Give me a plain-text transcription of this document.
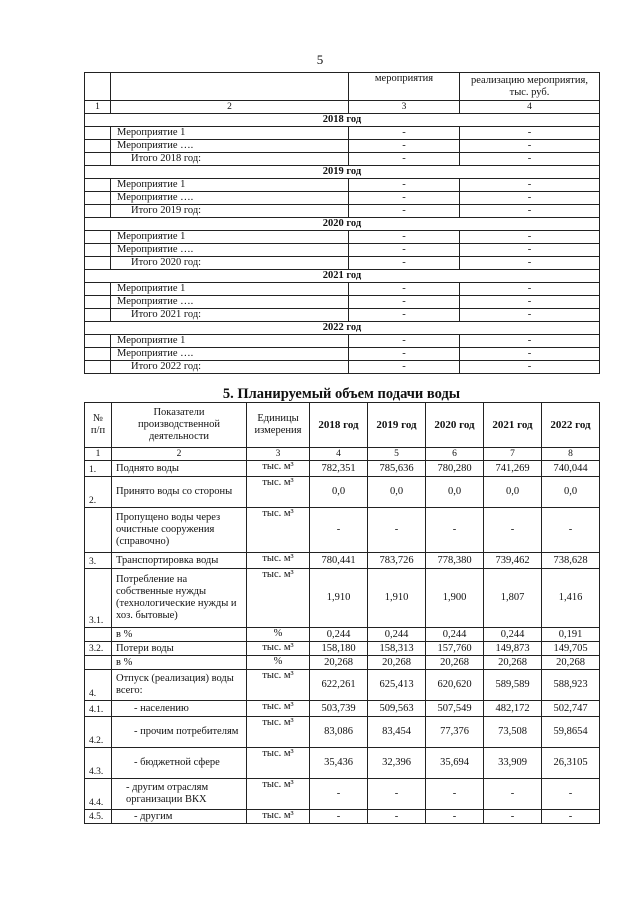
5
		мероприятия	реализацию мероприятия, тыс. руб.
1	2	3	4
2018 год			
	Мероприятие 1	-	-
	Мероприятие ….	-	-
	Итого 2018 год:	-	-
2019 год			
	Мероприятие 1	-	-
	Мероприятие ….	-	-
	Итого 2019 год:	-	-
2020 год			
	Мероприятие 1	-	-
	Мероприятие ….	-	-
	Итого 2020 год:	-	-
2021 год			
	Мероприятие 1	-	-
	Мероприятие ….	-	-
	Итого 2021 год:	-	-
2022 год			
	Мероприятие 1	-	-
	Мероприятие ….	-	-
	Итого 2022 год:	-	-
5. Планируемый объем подачи воды
№ п/п	Показатели производственной деятельности	Единицы измерения	2018 год	2019 год	2020 год	2021 год	2022 год
1	2	3	4	5	6	7	8
1.	Поднято воды	тыс. м³	782,351	785,636	780,280	741,269	740,044
2.	Принято воды со стороны	тыс. м³	0,0	0,0	0,0	0,0	0,0
	Пропущено воды через очистные сооружения (справочно)	тыс. м³	-	-	-	-	-
3.	Транспортировка воды	тыс. м³	780,441	783,726	778,380	739,462	738,628
3.1.	Потребление на собственные нужды (технологические нужды и хоз. бытовые)	тыс. м³	1,910	1,910	1,900	1,807	1,416
	в %	%	0,244	0,244	0,244	0,244	0,191
3.2.	Потери воды	тыс. м³	158,180	158,313	157,760	149,873	149,705
	в %	%	20,268	20,268	20,268	20,268	20,268
4.	Отпуск (реализация) воды всего:	тыс. м³	622,261	625,413	620,620	589,589	588,923
4.1.	- населению	тыс. м³	503,739	509,563	507,549	482,172	502,747
4.2.	- прочим потребителям	тыс. м³	83,086	83,454	77,376	73,508	59,8654
4.3.	- бюджетной сфере	тыс. м³	35,436	32,396	35,694	33,909	26,3105
4.4.	- другим отраслям организации ВКХ	тыс. м³	-	-	-	-	-
4.5.	- другим	тыс. м³	-	-	-	-	-
